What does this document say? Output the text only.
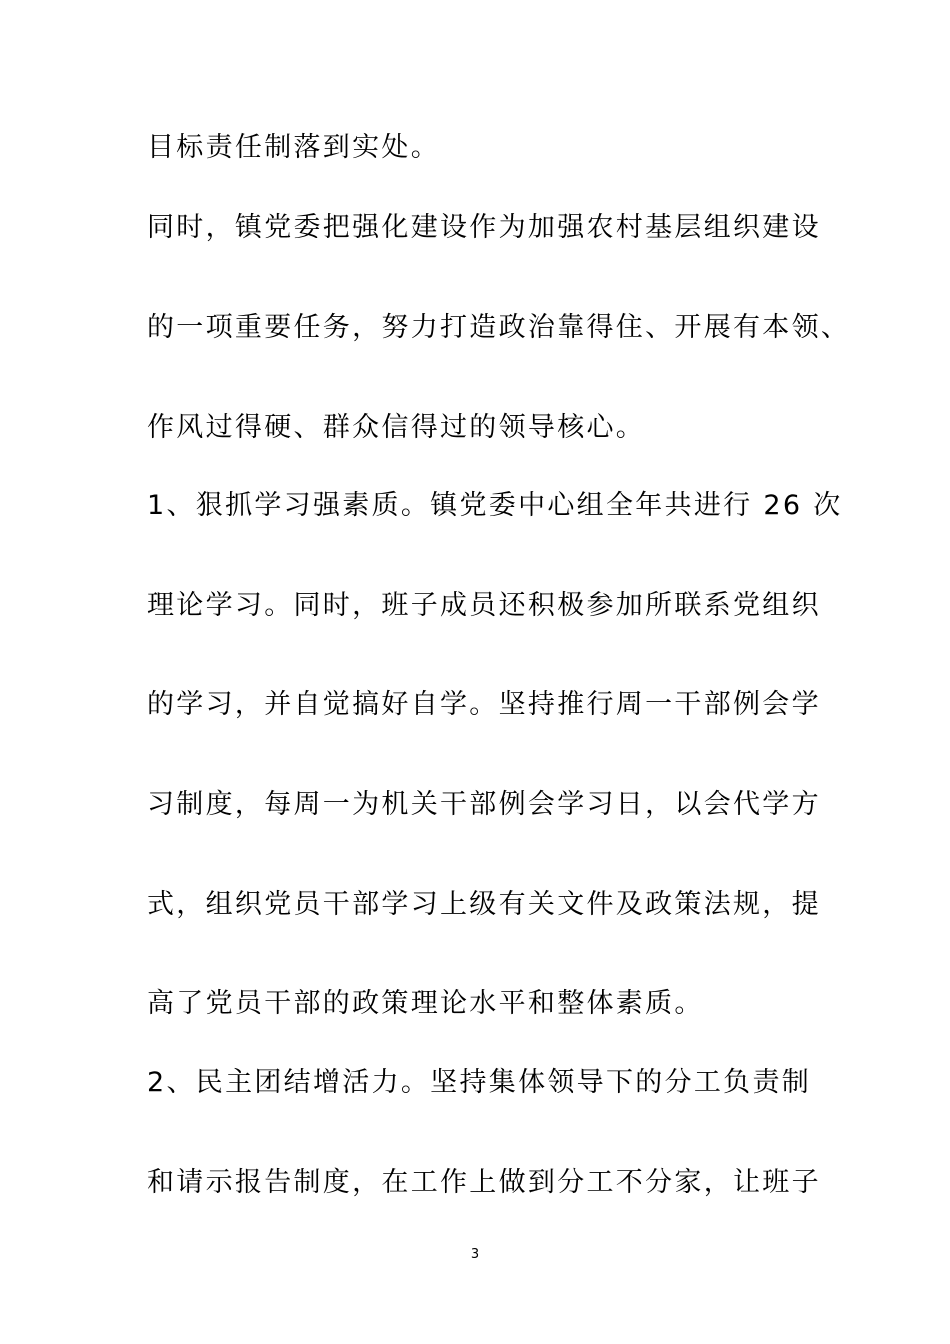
目标责任制落到实处。
同时，镇党委把强化建设作为加强农村基层组织建设
的一项重要任务，努力打造政治靠得住、开展有本领、
作风过得硬、群众信得过的领导核心。
1、狠抓学习强素质。镇党委中心组全年共进行 26 次
理论学习。同时，班子成员还积极参加所联系党组织
的学习，并自觉搞好自学。坚持推行周一干部例会学
习制度，每周一为机关干部例会学习日，以会代学方
式，组织党员干部学习上级有关文件及政策法规，提
高了党员干部的政策理论水平和整体素质。
2、民主团结增活力。坚持集体领导下的分工负责制
和请示报告制度，在工作上做到分工不分家，让班子
3
